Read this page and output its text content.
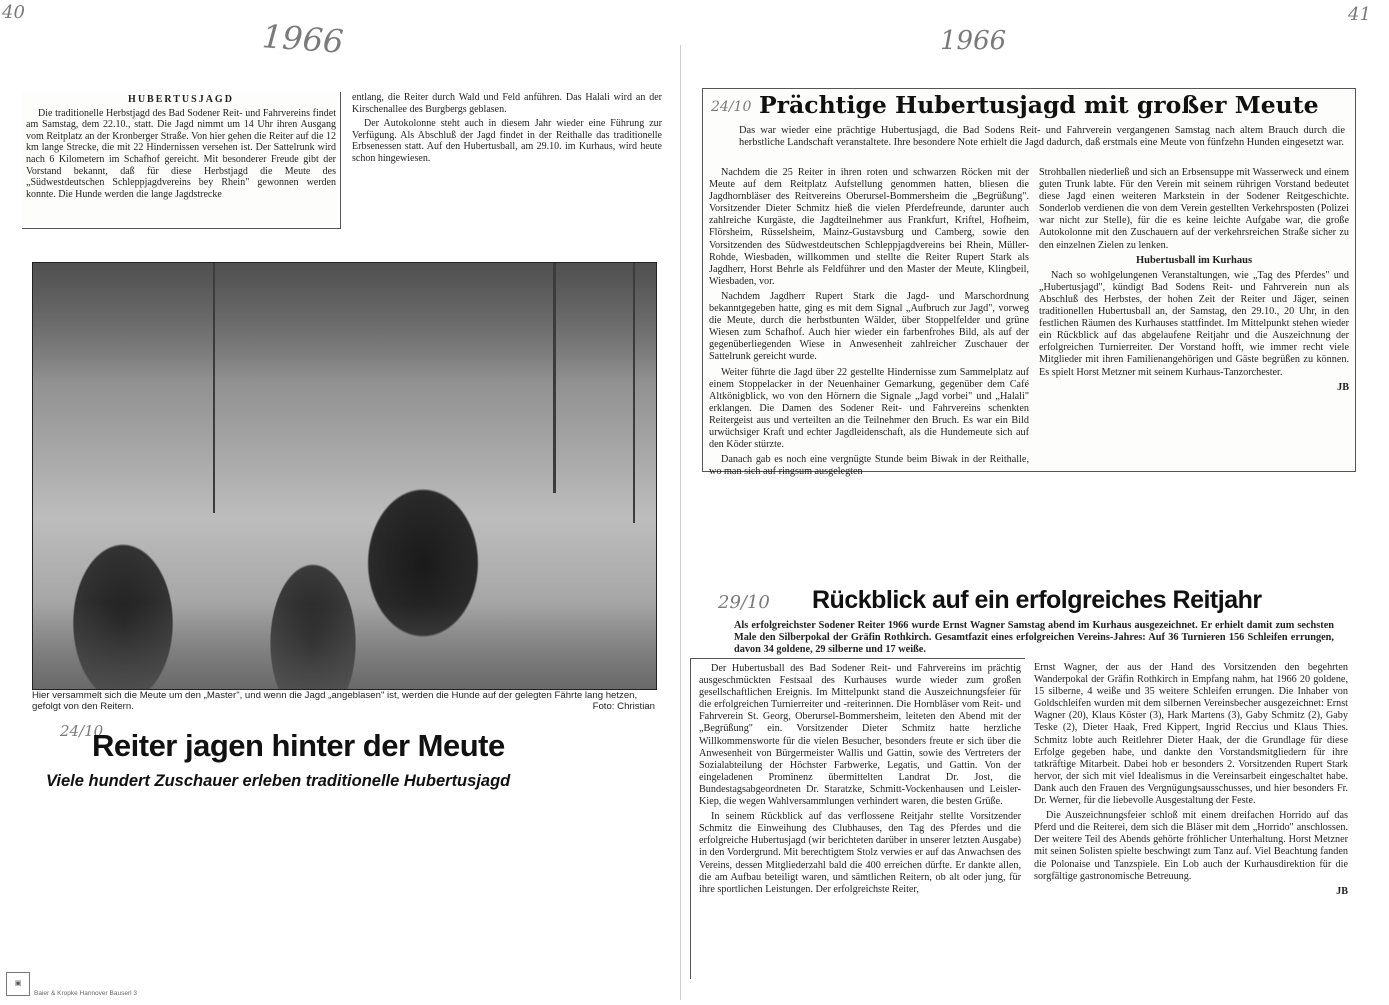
40	41
1966	1966
HUBERTUSJAGD

Die traditionelle Herbstjagd des Bad Sodener Reit- und Fahrvereins findet am Samstag, dem 22.10., statt. Die Jagd nimmt um 14 Uhr ihren Ausgang vom Reitplatz an der Kronberger Straße. Von hier gehen die Reiter auf die 12 km lange Strecke, die mit 22 Hindernissen versehen ist. Der Sattelrunk wird nach 6 Kilometern im Schafhof gereicht. Mit besonderer Freude gibt der Vorstand bekannt, daß für diese Herbstjagd die Meute des „Südwestdeutschen Schleppjagdvereins bey Rhein" gewonnen werden konnte. Die Hunde werden die lange Jagdstrecke

entlang, die Reiter durch Wald und Feld anführen. Das Halali wird an der Kirschenallee des Burgbergs geblasen.

Der Autokolonne steht auch in diesem Jahr wieder eine Führung zur Verfügung. Als Abschluß der Jagd findet in der Reithalle das traditionelle Erbsenessen statt. Auf den Hubertusball, am 29.10. im Kurhaus, wird heute schon hingewiesen.

Hier versammelt sich die Meute um den „Master", und wenn die Jagd „angeblasen" ist, werden die Hunde auf der gelegten Fährte lang hetzen, gefolgt von den Reitern.	Foto: Christian
24/10
Reiter jagen hinter der Meute
Viele hundert Zuschauer erleben traditionelle Hubertusjagd
24/10 Prächtige Hubertusjagd mit großer Meute
Das war wieder eine prächtige Hubertusjagd, die Bad Sodens Reit- und Fahrverein vergangenen Samstag nach altem Brauch durch die herbstliche Landschaft veranstaltete. Ihre besondere Note erhielt die Jagd dadurch, daß erstmals eine Meute von fünfzehn Hunden eingesetzt war.

Nachdem die 25 Reiter in ihren roten und schwarzen Röcken mit der Meute auf dem Reitplatz Aufstellung genommen hatten, bliesen die Jagdhornbläser des Reitvereins Oberursel-Bommersheim die „Begrüßung". Vorsitzender Dieter Schmitz hieß die vielen Pferdefreunde, darunter auch zahlreiche Kurgäste, die Jagdteilnehmer aus Frankfurt, Kriftel, Hofheim, Flörsheim, Rüsselsheim, Mainz-Gustavsburg und Camberg, sowie den Vorsitzenden des Südwestdeutschen Schleppjagdvereins bei Rhein, Müller-Rohde, Wiesbaden, willkommen und stellte die Reiter Rupert Stark als Jagdherr, Horst Behrle als Feldführer und den Master der Meute, Klingbeil, Wiesbaden, vor.

Nachdem Jagdherr Rupert Stark die Jagd- und Marschordnung bekanntgegeben hatte, ging es mit dem Signal „Aufbruch zur Jagd", vorweg die Meute, durch die herbstbunten Wälder, über Stoppelfelder und grüne Wiesen zum Schafhof. Auch hier wieder ein farbenfrohes Bild, als auf der gegenüberliegenden Wiese in Anwesenheit zahlreicher Zuschauer der Sattelrunk gereicht wurde.

Weiter führte die Jagd über 22 gestellte Hindernisse zum Sammelplatz auf einem Stoppelacker in der Neuenhainer Gemarkung, gegenüber dem Café Altkönigblick, wo von den Hörnern die Signale „Jagd vorbei" und „Halali" erklangen. Die Damen des Sodener Reit- und Fahrvereins schenkten Reitergeist aus und verteilten an die Teilnehmer den Bruch. Es war ein Bild urwüchsiger Kraft und echter Jagdleidenschaft, als die Hundemeute sich auf den Köder stürzte.

Danach gab es noch eine vergnügte Stunde beim Biwak in der Reithalle, wo man sich auf ringsum ausgelegten

Strohballen niederließ und sich an Erbsensuppe mit Wasserweck und einem guten Trunk labte. Für den Verein mit seinem rührigen Vorstand bedeutet diese Jagd einen weiteren Markstein in der Sodener Reitgeschichte. Sonderlob verdienen die von dem Verein gestellten Verkehrsposten (Polizei war nicht zur Stelle), für die es keine leichte Aufgabe war, die große Autokolonne mit den Zuschauern auf der verkehrsreichen Straße sicher zu den einzelnen Zielen zu lenken.

Hubertusball im Kurhaus

Nach so wohlgelungenen Veranstaltungen, wie „Tag des Pferdes" und „Hubertusjagd", kündigt Bad Sodens Reit- und Fahrverein nun als Abschluß des Herbstes, der hohen Zeit der Reiter und Jäger, seinen traditionellen Hubertusball an, der Samstag, den 29.10., 20 Uhr, in den festlichen Räumen des Kurhauses stattfindet. Im Mittelpunkt stehen wieder ein Rückblick auf das abgelaufene Reitjahr und die Auszeichnung der erfolgreichen Turnierreiter. Der Vorstand hofft, wie immer recht viele Mitglieder mit ihren Familienangehörigen und Gäste begrüßen zu können. Es spielt Horst Metzner mit seinem Kurhaus-Tanzorchester.

JB
29/10 Rückblick auf ein erfolgreiches Reitjahr
Als erfolgreichster Sodener Reiter 1966 wurde Ernst Wagner Samstag abend im Kurhaus ausgezeichnet. Er erhielt damit zum sechsten Male den Silberpokal der Gräfin Rothkirch. Gesamtfazit eines erfolgreichen Vereins-Jahres: Auf 36 Turnieren 156 Schleifen errungen, davon 34 goldene, 29 silberne und 17 weiße.

Der Hubertusball des Bad Sodener Reit- und Fahrvereins im prächtig ausgeschmückten Festsaal des Kurhauses wurde wieder zum großen gesellschaftlichen Ereignis. Im Mittelpunkt stand die Auszeichnungsfeier für die erfolgreichen Turnierreiter und -reiterinnen. Die Hornbläser vom Reit- und Fahrverein St. Georg, Oberursel-Bommersheim, leiteten den Abend mit der „Begrüßung" ein. Vorsitzender Dieter Schmitz hatte herzliche Willkommensworte für die vielen Besucher, besonders freute er sich über die Anwesenheit von Bürgermeister Wallis und Gattin, sowie des Vertreters der Sozialabteilung der Höchster Farbwerke, Legatis, und Gattin. Von der eingeladenen Prominenz übermittelten Landrat Dr. Jost, die Bundestagsabgeordneten Dr. Staratzke, Schmitt-Vockenhausen und Leisler-Kiep, die wegen Wahlversammlungen verhindert waren, die besten Grüße.

In seinem Rückblick auf das verflossene Reitjahr stellte Vorsitzender Schmitz die Einweihung des Clubhauses, den Tag des Pferdes und die erfolgreiche Hubertusjagd (wir berichteten darüber in unserer letzten Ausgabe) in den Vordergrund. Mit berechtigtem Stolz verwies er auf das Anwachsen des Vereins, dessen Mitgliederzahl bald die 400 erreichen dürfte. Er dankte allen, die am Aufbau beteiligt waren, und sämtlichen Reitern, ob alt oder jung, für ihre sportlichen Leistungen. Der erfolgreichste Reiter,

Ernst Wagner, der aus der Hand des Vorsitzenden den begehrten Wanderpokal der Gräfin Rothkirch in Empfang nahm, hat 1966 20 goldene, 15 silberne, 4 weiße und 35 weitere Schleifen errungen. Die Inhaber von Goldschleifen wurden mit dem silbernen Vereinsbecher ausgezeichnet: Ernst Wagner (20), Klaus Köster (3), Hark Martens (3), Gaby Schmitz (2), Gaby Teske (2), Dieter Haak, Fred Kippert, Ingrid Reccius und Klaus Thies. Schmitz lobte auch Reitlehrer Dieter Haak, der die Grundlage für diese Erfolge gegeben habe, und dankte den Vorstandsmitgliedern für ihre tatkräftige Mitarbeit. Dabei hob er besonders 2. Vorsitzenden Rupert Stark hervor, der sich mit viel Idealismus in die Vereinsarbeit eingeschaltet habe. Dank auch den Frauen des Vergnügungsausschusses, und hier besonders Fr. Dr. Werner, für die liebevolle Ausgestaltung der Feste.

Die Auszeichnungsfeier schloß mit einem dreifachen Horrido auf das Pferd und die Reiterei, dem sich die Bläser mit dem „Horrido" anschlossen. Der weitere Teil des Abends gehörte fröhlicher Unterhaltung. Horst Metzner mit seinen Solisten spielte beschwingt zum Tanz auf. Viel Beachtung fanden die Polonaise und Tanzspiele. Ein Lob auch der Kurhausdirektion für die sorgfältige gastronomische Betreuung.

JB
▣
Baier & Kropke Hannover Bauserl 3
